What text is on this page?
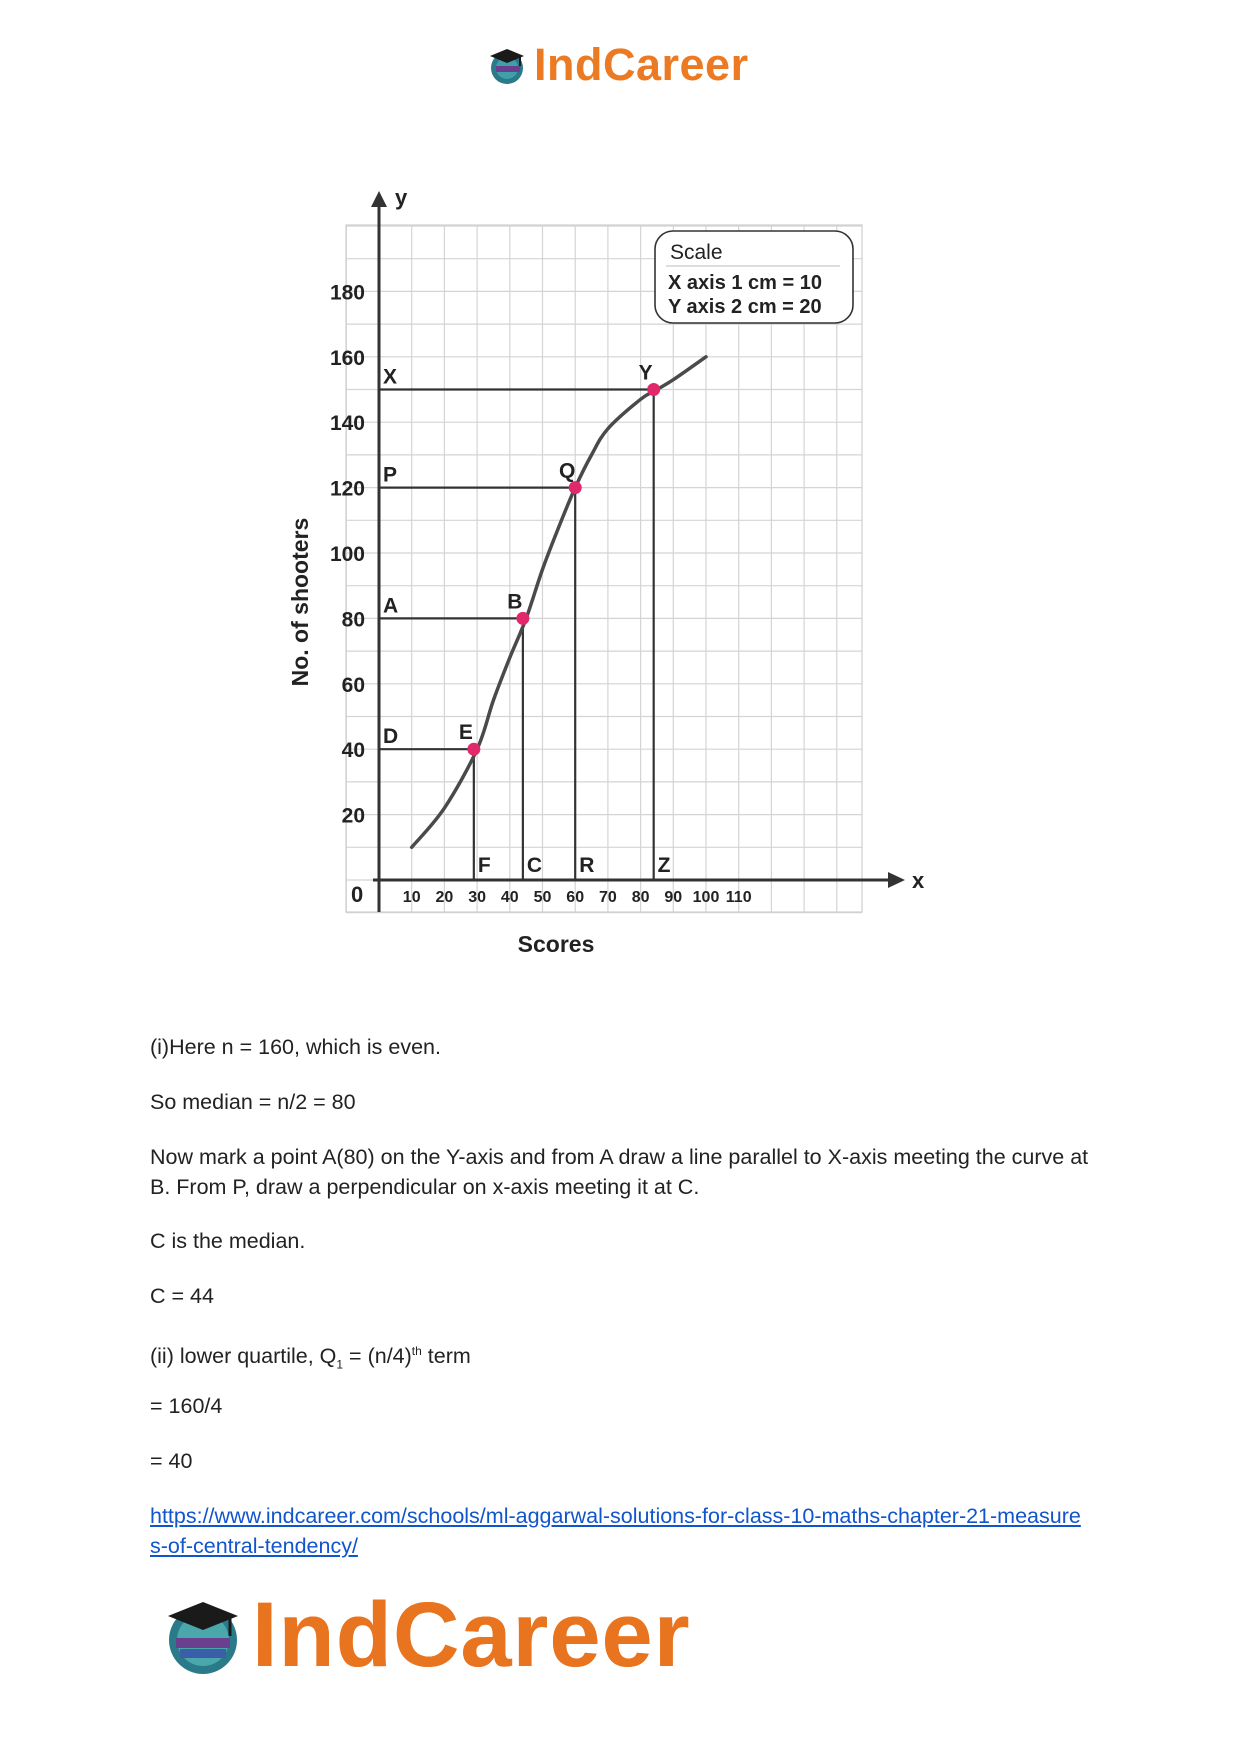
IndCareer
y
x
0
20
40
60
80
100
120
140
160
180
10 20 30 40 50 60 70 80 90 100 110
Scores
No. of shooters
Scale
X axis 1 cm = 10
Y axis 2 cm = 20
E
B
Q
Y
D
A
P
X
F C R	Z

(i)Here n = 160, which is even.

So median = n/2 = 80

Now mark a point A(80) on the Y-axis and from A draw a line parallel to X-axis meeting the curve at B. From P, draw a perpendicular on x-axis meeting it at C.

C is the median.

C = 44

(ii) lower quartile, $Q_1 = (n/4)^{th}$ term

= 160/4

= 40

https://www.indcareer.com/schools/ml-aggarwal-solutions-for-class-10-maths-chapter-21-measures-of-central-tendency/

IndCareer
